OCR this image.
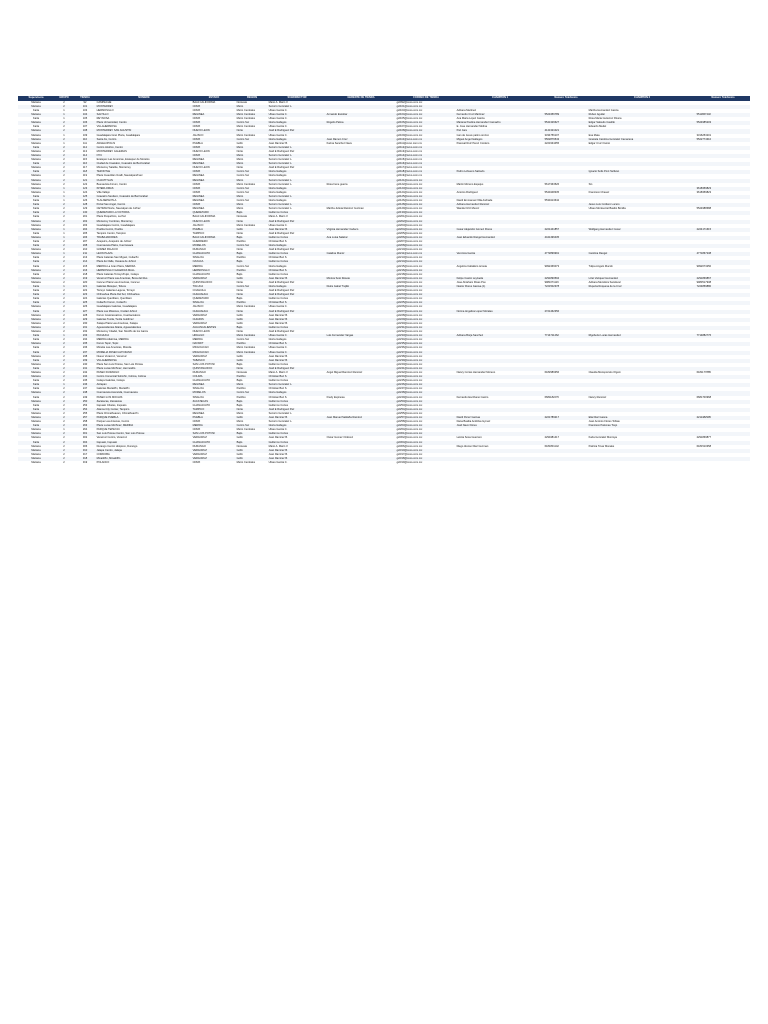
Supervisora	GRUPO	TIENDA	NOMBRE	ESTADO	REGION	SUBDIRECTOR	GERENTE DE TIENDA	CORREO DE TIENDA	CHAMPION 1	Numero Telefonico	CHAMPION 2	Numero Telefonico	
Mariana	2	92	CAMPECHE	BAJA CALIFORNIA	Noroeste	Mario A. Marin V.		gsf092@oxxo.com.mx					
Mariana	2	101	MONTERREY	CDMX	Metro	Socorro Gonzalez L.		gsf101@oxxo.com.mx					
Karla	1	103	HERMOSILLO	CDMX	Metro Centrales	Ulises Garcia C.		gsf103@oxxo.com.mx	Adriana Martinez		Martha Hernandez Garcia		
Mariana	1	104	SALTILLO	REGINEA	Metro Centrales	Ulises Garcia C.	Armando Escobar	gsf104@oxxo.com.mx	Fernando Cruz Martinez	5523456789	Ruben Aguilar	5511867432	
Karla	1	105	REYNOSA	CDMX	Metro Centrales	Ulises Garcia C.		gsf105@oxxo.com.mx	Ana Maria Lopez Garcia		Rosa Maria Gutierrez Rivera		
Mariana	2	106	Plaza Universidad, Centro	CDMX	Centro Sur	Gloria Gallegos	Rogelio Palma	gsf106@oxxo.com.mx	Mariana Paulina Hernandez Camacho	5541326627	Edgar Salcedo Castillo	5524985203	
Karla	2	107	VILLAHERMOSA	CDMX	Metro Centrales	Ulises Garcia C.		gsf107@oxxo.com.mx	E. Jose Hernandez Molina		Eduardo Medel		
Mariana	2	108	MONTERREY SAN AGUSTIN	NUEVO LEON	Norte	Josй E Rodriguez Paz		gsf108@oxxo.com.mx	Paz Jara	4141321021			
Mariana	1	109	Guadalajara Gran Plaza, Guadalajara	JALISCO	Metro Centrales	Ulises Garcia C.		gsf109@oxxo.com.mx	Ivan de Jesus patino orozco	3334756107	Eva Mata	3316253201	
Mariana	2	110	Santa Fe, Centro	CDMX	Centro Sur	Gloria Gallegos	Juan Ramon Cruz	gsf110@oxxo.com.mx	Miguel Angel Gallegos	5562876543	Graciela Carolina Gonzalez Camarena	5522774310	
Mariana	1	111	ANGELOPOLIS	PUEBLA	Golfo	Juan Ramirez B.	Karina Sanchez Nava	gsf111@oxxo.com.mx	Pascual Ruiz Perez Cordero	2221934455	Edgar Cruz Osorio		
Karla	2	112	Centro Histriсo, Centro	CDMX	Metro	Socorro Gonzalez L.		gsf112@oxxo.com.mx					
Mariana	2	113	MONTERREY GALERIAS	NUEVO LEON	Norte	Josй E Rodriguez Paz		gsf113@oxxo.com.mx					
Mariana	2	114	NYC	CDMX	Metro	Socorro Gonzalez L.		gsf114@oxxo.com.mx					
Mariana	2	115	Ecatepec Las Americas, Ecatepec de Morelos	REGINEA	Metro	Socorro Gonzalez L.		gsf115@oxxo.com.mx					
Karla	2	116	Ciudad de Coacalco, Coacalco de Berriozabal	REGINEA	Metro	Socorro Gonzalez L.		gsf116@oxxo.com.mx					
Mariana	2	117	Monterrey Satelite, Monterrey	NUEVO LEON	Norte	Josй E Rodriguez Paz		gsf117@oxxo.com.mx					
Karla	2	118	TEZONTLE	CDMX	Centro Sur	Gloria Gallegos		gsf118@oxxo.com.mx	Pedro Lobueno Salcedo		Ignacio Solis Pont Sullivan		
Mariana	2	119	Plaza Cuautitlan Izcalli, Naucalpan/Fuel	REGINEA	Centro Sur	Gloria Gallegos		gsf119@oxxo.com.mx					
Mariana	2	121	CUAUTITLAN	REGINEA	Metro	Socorro Gonzalez L.		gsf121@oxxo.com.mx					
Mariana	2	122	Buenavista Forum, Centro	CDMX	Metro Centrales	Socorro Gonzalez L.	Rosa Irene guerra	gsf122@oxxo.com.mx	Martin Moreno Espejus	5617363526	Sin		
Mariana	1	123	INTERLOMAS	CDMX	Centro Sur	Gloria Gallegos		gsf123@oxxo.com.mx				3618359823	
Mariana	1	124	Villa Vallejo	CDMX	Centro Sur	Gloria Gallegos		gsf124@oxxo.com.mx	Antonio Rodriguez	5540448335	Francisco Chavez	3618359823	
Karla	1	125	Coacalco Sendero, Coacalco de Berriozabal	REGINEA	Metro	Socorro Gonzalez L.		gsf125@oxxo.com.mx					
Karla	1	126	TLALNEPANTLA	REGINEA	Centro Sur	Gloria Gallegos		gsf126@oxxo.com.mx	David Emmanuel Villa Andrade	5530413642			
Karla	2	128	Portal San Angel, Centro	CDMX	Metro	Socorro Gonzalez L.		gsf128@oxxo.com.mx	Adriana Hernandez Ramirez		Jesus Luis Cordero Lucero		
Karla	2	129	CETRAM Norte, Naucalpan de Juбrez	REGINEA	Metro	Socorro Gonzalez L.	Martha Julieta Ramirez Guzman	gsf129@oxxo.com.mx	Wanda Ortiz Muсoz		Ulises Montserrat Basilio Bonilla	5524988688	
Karla	2	130	QUERETARO LA VICTORIA	QUERETARO	Bajio	Guillermo Cortes		gsf130@oxxo.com.mx					
Karla	2	201	Plaza Pequeбros, La Paz	BAJA CALIFORNIA	Noroeste	Mario A. Marin V.		gsf201@oxxo.com.mx					
Mariana	2	202	Monterrey Cumbres, Monterrey	NUEVO LEON	Norte	Josй E Rodriguez Paz		gsf202@oxxo.com.mx					
Mariana	2	203	Guadalajara Centro, Guadalajara	JALISCO	Metro Centrales	Ulises Garcia C.		gsf203@oxxo.com.mx					
Mariana	1	204	Puebla Centro, Puebla	PUEBLA	Golfo	Juan Ramirez B.	Virginia Hernandez Cedeсo	gsf204@oxxo.com.mx	Cesar Alejandro Gomez Flores	2221441857	Wolfgang Hernandez Cesar	2224171615	
Karla	1	205	Tampico Centro, Tampico	TAMPICO	Norte	Josй E Rodriguez Paz		gsf205@oxxo.com.mx					
Mariana	1	206	TRABAJADORES	BAJA CALIFORNIA	Bajio	Guillermo Cortes	Ana Luisa Salazar	gsf206@oxxo.com.mx	Juan Eduardo Rangel Hernandez	4441496435			
Karla	2	207	Acapulco, Acapulco de Juбrez	GUERRERO	Pacifico	Christian Baz S.		gsf207@oxxo.com.mx					
Karla	2	208	Cuernavaca Plaza, Cuernavaca	MORELOS	Centro Sur	Gloria Gallegos		gsf208@oxxo.com.mx					
Mariana	2	210	GOMEZ PALACIO	DURANGO	Norte	Josй E Rodriguez Paz		gsf210@oxxo.com.mx					
Mariana	1	211	LEON PLAZA	GUANAJUATO	Bajio	Guillermo Cortes	Catalina Muсoz	gsf211@oxxo.com.mx	Veronica Garcia	4772899991	Carolina Rangel	4771867238	
Karla	2	213	Plaza Galerias San Miguel, Culiacбn	SINALOA	Pacifico	Christian Baz S.		gsf213@oxxo.com.mx					
Karla	2	214	Plaza del Valle, Oaxaca de Juбrez	OAXACA	Bajio	Guillermo Cortes		gsf214@oxxo.com.mx					
Karla	2	215	MERIDA La Gran Plaza, MERIDA	MERIDA	Centro Sur	Gloria Gallegos		gsf215@oxxo.com.mx	Angelica Caballero Acosta	9992466073	Tulipa Angulo Mucob	9992073250	
Mariana	2	216	HERMOSILLO GALERIAS MALL	HERMOSILLO	Pacifico	Christian Baz S.		gsf216@oxxo.com.mx					
Karla	2	218	Plaza Galerias Torreуn/Fujio, Celaya	GUANAJUATO	Bajio	Guillermo Cortes		gsf218@oxxo.com.mx					
Mariana	2	219	Veracruz Plaza Las Americas, Boca del Rнo	VERACRUZ	Golfo	Juan Ramirez B.	Monica Soto Rosete	gsf219@oxxo.com.mx	Felipe Castro Leyzaola	2291890594	Lizet Vazquez Hernandez	2291869867	
Mariana	2	220	Cancъn Plaza Las Americas, Cancъn	QUINTANA ROO	Norte	Josй E Rodriguez Paz		gsf220@oxxo.com.mx	Jose Abraham Rivas Poo	9981071116	Adriana Mendoza Sandoval	9983517938	
Karla	1	221	Galerias Metepec, Toluca	TOLUCA	Centro Sur	Gloria Gallegos	Dulce Isabel Trujillo	gsf221@oxxo.com.mx	Nestor Flores Garcнa (1)	7221502378	Ruperta Roquena de la Cruz	7224859880	
Karla	2	222	Torreуn Galerias Laguna, Torreуn	COAHUILA	Norte	Josй E Rodriguez Paz		gsf222@oxxo.com.mx					
Karla	2	223	Chihuahua Plaza Del Sol, Chihuahua	CHIHUAHUA	Norte	Josй E Rodriguez Paz		gsf223@oxxo.com.mx					
Karla	2	224	Galerias Querйtaro, Querйtaro	QUERETARO	Bajio	Guillermo Cortes		gsf224@oxxo.com.mx					
Karla	2	225	Culiacбn Forum, Culiacбn	SINALOA	Pacifico	Christian Baz S.		gsf225@oxxo.com.mx					
Mariana	2	226	Guadalajara Galerias, Guadalajara	JALISCO	Metro Centrales	Ulises Garcia C.		gsf226@oxxo.com.mx					
Karla	2	227	Plaza Las Misiones, Ciudad Juбrez	CHIHUAHUA	Norte	Josй E Rodriguez Paz		gsf227@oxxo.com.mx	Norma Angelica Lopez Morales	2721462356			
Mariana	2	228	Forum Coatzacoalcos, Coatzacoalcos	VERACRUZ	Golfo	Juan Ramirez B.		gsf228@oxxo.com.mx					
Mariana	2	229	Galerias Tuxtla, Tuxtla Gutiйrrez	CHIAPAS	Golfo	Juan Ramirez B.		gsf229@oxxo.com.mx					
Mariana	2	230	Xalapa Plaza Las Americas, Xalapa	VERACRUZ	Golfo	Juan Ramirez B.		gsf230@oxxo.com.mx					
Mariana	2	231	Aguascalientes Altaria, Aguascalientes	AGUASCALIENTES	Bajio	Guillermo Cortes		gsf231@oxxo.com.mx					
Mariana	2	232	Monterrey Citadel, San Nicolбs de los Garza	NUEVO LEON	Norte	Josй E Rodriguez Paz		gsf232@oxxo.com.mx					
Karla	1	233	PACHUCA	HIDALGO	Metro Centrales	Ulises Garcia C.	Luis Fernandez Vargas	gsf233@oxxo.com.mx	Adriana Borja Sanchez	7714711462	Rigoberto Lucas Hernandez	7714882776	
Karla	2	234	MERIDA Altabrisa, MERIDA	MERIDA	Centro Sur	Gloria Gallegos		gsf234@oxxo.com.mx					
Mariana	2	235	Forum Tepic, Tepic	NAYARIT	Pacifico	Christian Baz S.		gsf235@oxxo.com.mx					
Karla	2	236	Morelia Las Americas, Morelia	MICHOACAN	Metro Centrales	Ulises Garcia C.		gsf236@oxxo.com.mx					
Karla	2	237	MORELIA PASEO ALTOZANO	MICHOACAN	Metro Centrales	Ulises Garcia C.		gsf237@oxxo.com.mx					
Mariana	2	238	Nuevo Veracruz, Veracruz	VERACRUZ	Golfo	Juan Ramirez B.		gsf238@oxxo.com.mx					
Karla	2	239	VILLAHERMOSA	TABASCO	Golfo	Juan Ramirez B.		gsf239@oxxo.com.mx					
Mariana	2	240	Plaza San Luis Potosн, San Luis Potosн	SAN LUIS POTOSI	Bajio	Guillermo Cortes		gsf240@oxxo.com.mx					
Karla	2	241	Plaza Lucas Morбnez, Hermosillo	QUINTANA ROO	Norte	Josй E Rodriguez Paz		gsf241@oxxo.com.mx					
Mariana	2	242	PASEO DURANGO	DURANGO	Noroeste	Mario A. Marin V.	Angel Miguel Ramirez Ramirez	gsf242@oxxo.com.mx	Nancy Cortes Hernandez Moreno	6182989356	Claudia Monsporrelo Olguin	6181177885	
Mariana	2	244	Centro Comercial Solimбn, Colima, Colima	COLIMA	Pacifico	Christian Baz S.		gsf244@oxxo.com.mx					
Karla	2	245	Celaya Galerias, Celaya	GUANAJUATO	Bajio	Guillermo Cortes		gsf245@oxxo.com.mx					
Karla	1	246	Atizapan	REGINEA	Metro	Socorro Gonzalez L.		gsf246@oxxo.com.mx					
Karla	2	247	Galerias Mazatlбn, Mazatlбn	SINALOA	Pacifico	Christian Baz S.		gsf247@oxxo.com.mx					
Mariana	2	248	Cuernavaca Averanda, Cuernavaca	MORELOS	Centro Sur	Gloria Gallegos		gsf248@oxxo.com.mx					
Karla	2	249	PASEO LOS MOCHIS	SINALOA	Pacifico	Christian Baz S.	Fredy Espinosa	gsf249@oxxo.com.mx	Fernando Escribano Castro	6681182276	Nancy Ramirez	6681700968	
Mariana	2	250	Zacatecas, Zacatecas	ZACATECAS	Bajio	Guillermo Cortes		gsf250@oxxo.com.mx					
Karla	2	253	Irapuato Cibeles, Irapuato	GUANAJUATO	Bajio	Guillermo Cortes		gsf253@oxxo.com.mx					
Karla	2	254	Altama City Center, Tampico	TAMPICO	Norte	Josй E Rodriguez Paz		gsf254@oxxo.com.mx					
Mariana	2	255	Plaza Chimalhuacan, Chimalhuacбn	REGINEA	Metro	Socorro Gonzalez L.		gsf255@oxxo.com.mx					
Mariana	2	257	PARQUE PUEBLA	PUEBLA	Golfo	Juan Ramirez B.	Juan Manuel Saldaбa Ramirez	gsf257@oxxo.com.mx	David Perez Garcнa	2221789217	Elia Diaz Gaona	2211482995		
Mariana	2	258	Parque Las Antenas, Centro	CDMX	Metro	Socorro Gonzalez L.		gsf258@oxxo.com.mx	Dana Basilia Andrйsa Gуmez		Juan Antonio Flores Tobias		
Karla	2	263	Plaza Lucas Morбnez, MERIDA	MERIDA	Centro Sur	Gloria Gallegos		gsf263@oxxo.com.mx	Josй Navo Flores		Francisco Palomas Trejo		
Mariana	1	264	PARQUE TEPEYAC	CDMX	Metro Centrales	Ulises Garcia C.		gsf264@oxxo.com.mx					
Mariana	2	301	San Luis Potosн Centro, San Luis Potosн	SAN LUIS POTOSI	Bajio	Guillermo Cortes		gsf301@oxxo.com.mx					
Mariana	2	302	Veracruz Centro, Veracruz	VERACRUZ	Golfo	Juan Ramirez B.	Oscar Gomez Ordoсez	gsf302@oxxo.com.mx	Leticia Sosa Guerrero	2290481417	Karla Gonzalez Montoya	2291869877		
Karla	2	304	Irapuato, Irapuato	GUANAJUATO	Bajio	Guillermo Cortes		gsf304@oxxo.com.mx					
Mariana	2	306	Durango Centro Histриco, Durango	DURANGO	Noroeste	Mario A. Marin V.		gsf306@oxxo.com.mx	Diego Alonso Diaz Guzman	6181801142	Patricia Tovar Morales	6181510358	
Mariana	2	310	Jalapa Centro, Jalapa	VERACRUZ	Golfo	Juan Ramirez B.		gsf310@oxxo.com.mx					
Mariana	2	317	CORDOBA	VERACRUZ	Golfo	Juan Ramirez B.		gsf317@oxxo.com.mx					
Mariana	2	318	Minatitlбn, Minatitlбn	VERACRUZ	Golfo	Juan Ramirez B.		gsf318@oxxo.com.mx					
Mariana	2	319	POLANCO	CDMX	Metro Centrales	Ulises Garcia C.		gsf319@oxxo.com.mx					
